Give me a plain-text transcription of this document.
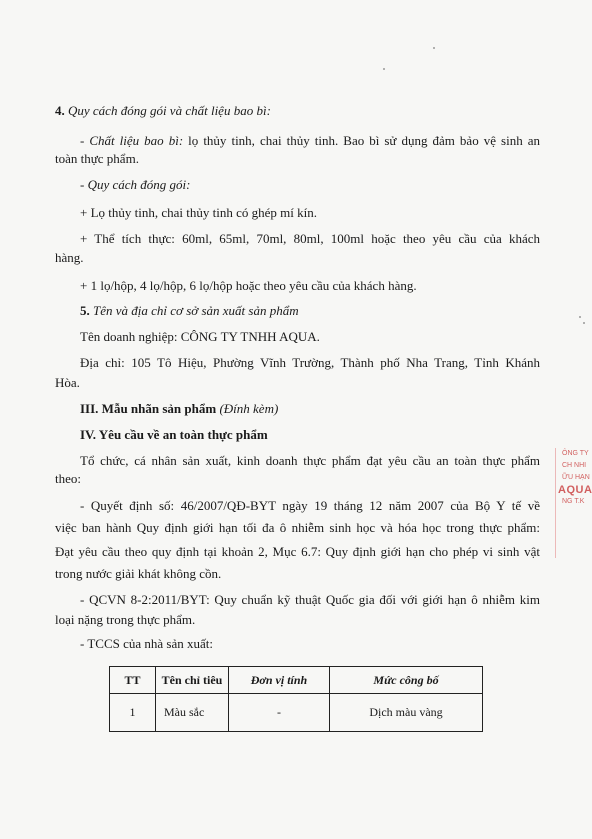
4. Quy cách đóng gói và chất liệu bao bì:
- Chất liệu bao bì: lọ thủy tinh, chai thủy tinh. Bao bì sử dụng đảm bảo vệ sinh an
toàn thực phẩm.
- Quy cách đóng gói:
+ Lọ thủy tinh, chai thủy tinh có ghép mí kín.
+ Thể tích thực: 60ml, 65ml, 70ml, 80ml, 100ml hoặc theo yêu cầu của khách
hàng.
+ 1 lọ/hộp, 4 lọ/hộp, 6 lọ/hộp hoặc theo yêu cầu của khách hàng.
5. Tên và địa chỉ cơ sở sản xuất sản phẩm
Tên doanh nghiệp: CÔNG TY TNHH AQUA.
Địa chỉ: 105 Tô Hiệu, Phường Vĩnh Trường, Thành phố Nha Trang, Tỉnh Khánh
Hòa.
III. Mẫu nhãn sản phẩm (Đính kèm)
IV. Yêu cầu về an toàn thực phẩm
Tổ chức, cá nhân sản xuất, kinh doanh thực phẩm đạt yêu cầu an toàn thực phẩm
theo:
- Quyết định số: 46/2007/QĐ-BYT ngày 19 tháng 12 năm 2007 của Bộ Y tế về
việc ban hành Quy định giới hạn tối đa ô nhiễm sinh học và hóa học trong thực phẩm:
Đạt yêu cầu theo quy định tại khoản 2, Mục 6.7: Quy định giới hạn cho phép vi sinh vật
trong nước giải khát không cồn.
- QCVN 8-2:2011/BYT: Quy chuẩn kỹ thuật Quốc gia đối với giới hạn ô nhiễm kim
loại nặng trong thực phẩm.
- TCCS của nhà sản xuất:
TT	Tên chỉ tiêu	Đơn vị tính	Mức công bố
1	Màu sắc	-	Dịch màu vàng
ÔNG TY
CH NHI
ỮU HẠN
AQUA
NG T.K
